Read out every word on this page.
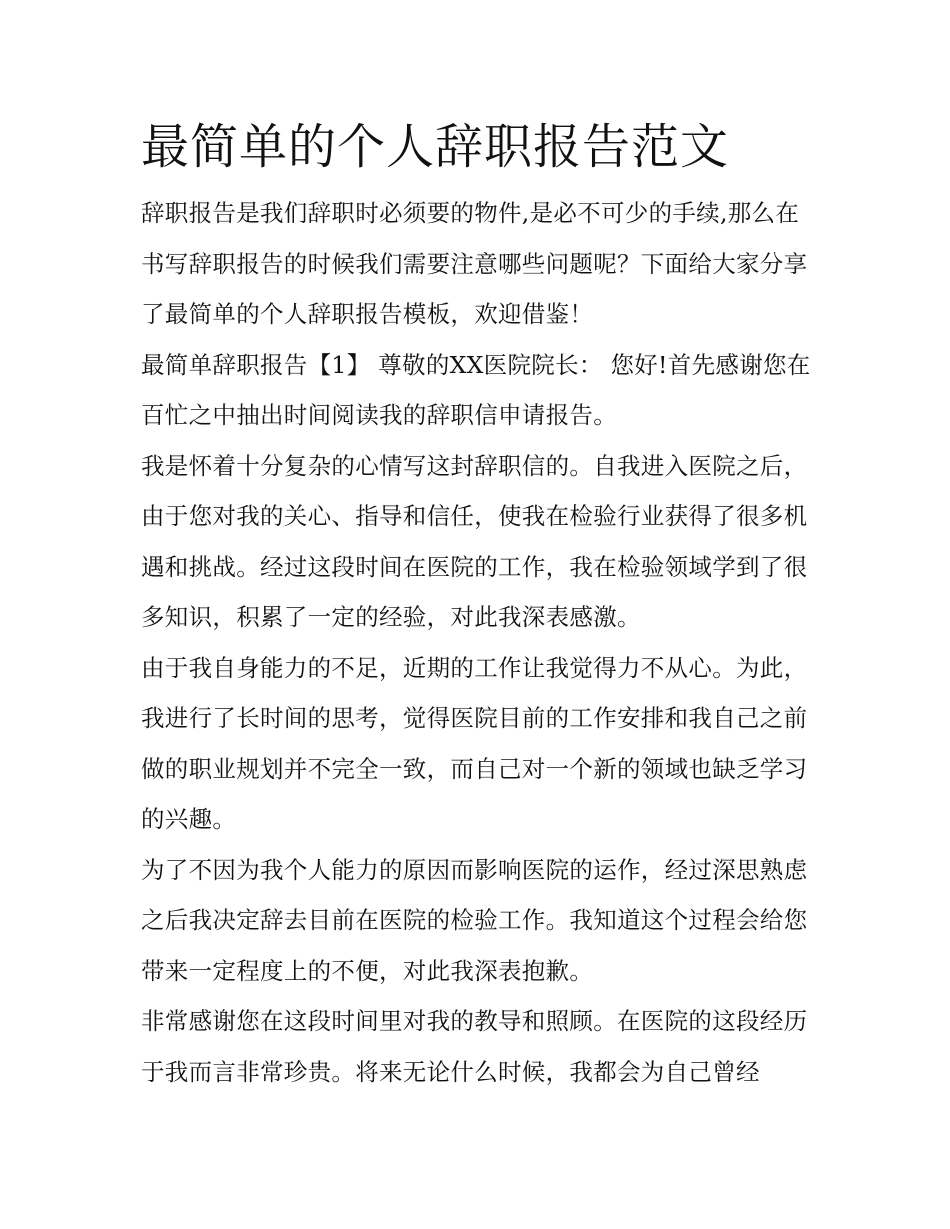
最简单的个人辞职报告范文

辞职报告是我们辞职时必须要的物件,是必不可少的手续,那么在书写辞职报告的时候我们需要注意哪些问题呢？下面给大家分享了最简单的个人辞职报告模板，欢迎借鉴！

最简单辞职报告【1】 尊敬的XX医院院长： 您好!首先感谢您在百忙之中抽出时间阅读我的辞职信申请报告。

我是怀着十分复杂的心情写这封辞职信的。自我进入医院之后，由于您对我的关心、指导和信任，使我在检验行业获得了很多机遇和挑战。经过这段时间在医院的工作，我在检验领域学到了很多知识，积累了一定的经验，对此我深表感激。

由于我自身能力的不足，近期的工作让我觉得力不从心。为此，我进行了长时间的思考，觉得医院目前的工作安排和我自己之前做的职业规划并不完全一致，而自己对一个新的领域也缺乏学习的兴趣。

为了不因为我个人能力的原因而影响医院的运作，经过深思熟虑之后我决定辞去目前在医院的检验工作。我知道这个过程会给您带来一定程度上的不便，对此我深表抱歉。

非常感谢您在这段时间里对我的教导和照顾。在医院的这段经历于我而言非常珍贵。将来无论什么时候，我都会为自己曾经
